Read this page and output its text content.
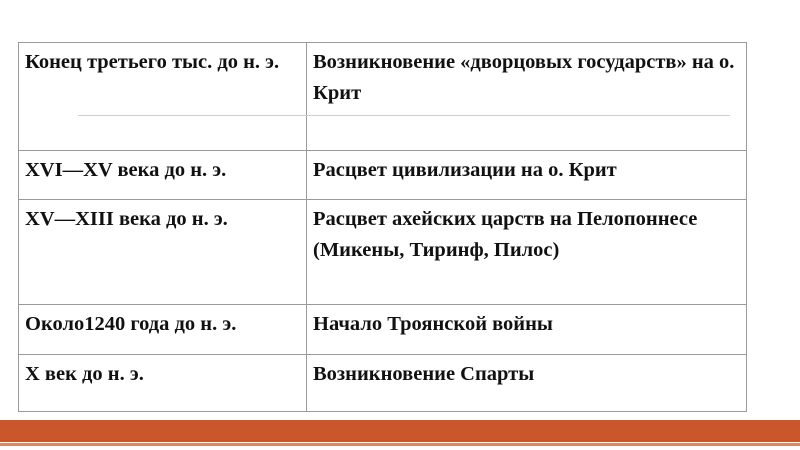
Конец третьего тыс. до н. э.	Возникновение «дворцовых государств» на о. Крит
XVI—XV века до н. э.	Расцвет цивилизации на о. Крит
XV—XIII века до н. э.	Расцвет ахейских царств на Пелопоннесе (Микены, Тиринф, Пилос)
Около1240 года до н. э.	Начало Троянской войны
X век до н. э.	Возникновение Спарты
